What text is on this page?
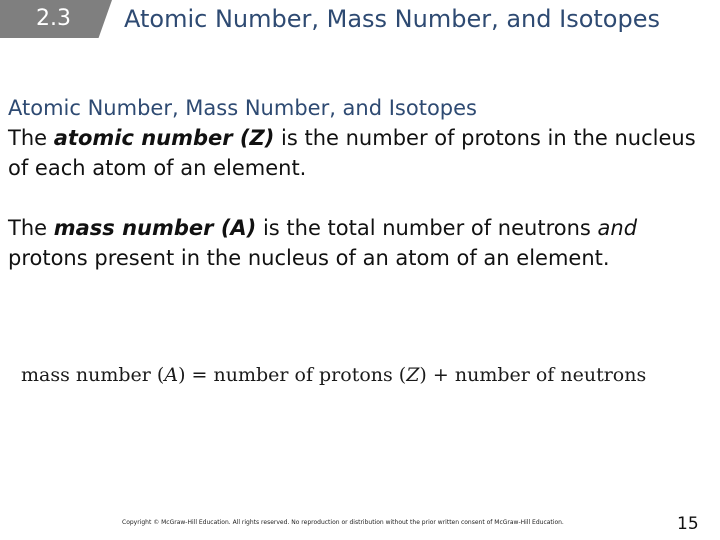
2.3 Atomic Number, Mass Number, and Isotopes
Atomic Number, Mass Number, and Isotopes

The atomic number (Z) is the number of protons in the nucleus of each atom of an element.

The mass number (A) is the total number of neutrons and protons present in the nucleus of an atom of an element.

mass number (A) = number of protons (Z) + number of neutrons
Copyright © McGraw-Hill Education. All rights reserved. No reproduction or distribution without the prior written consent of McGraw-Hill Education.	15
